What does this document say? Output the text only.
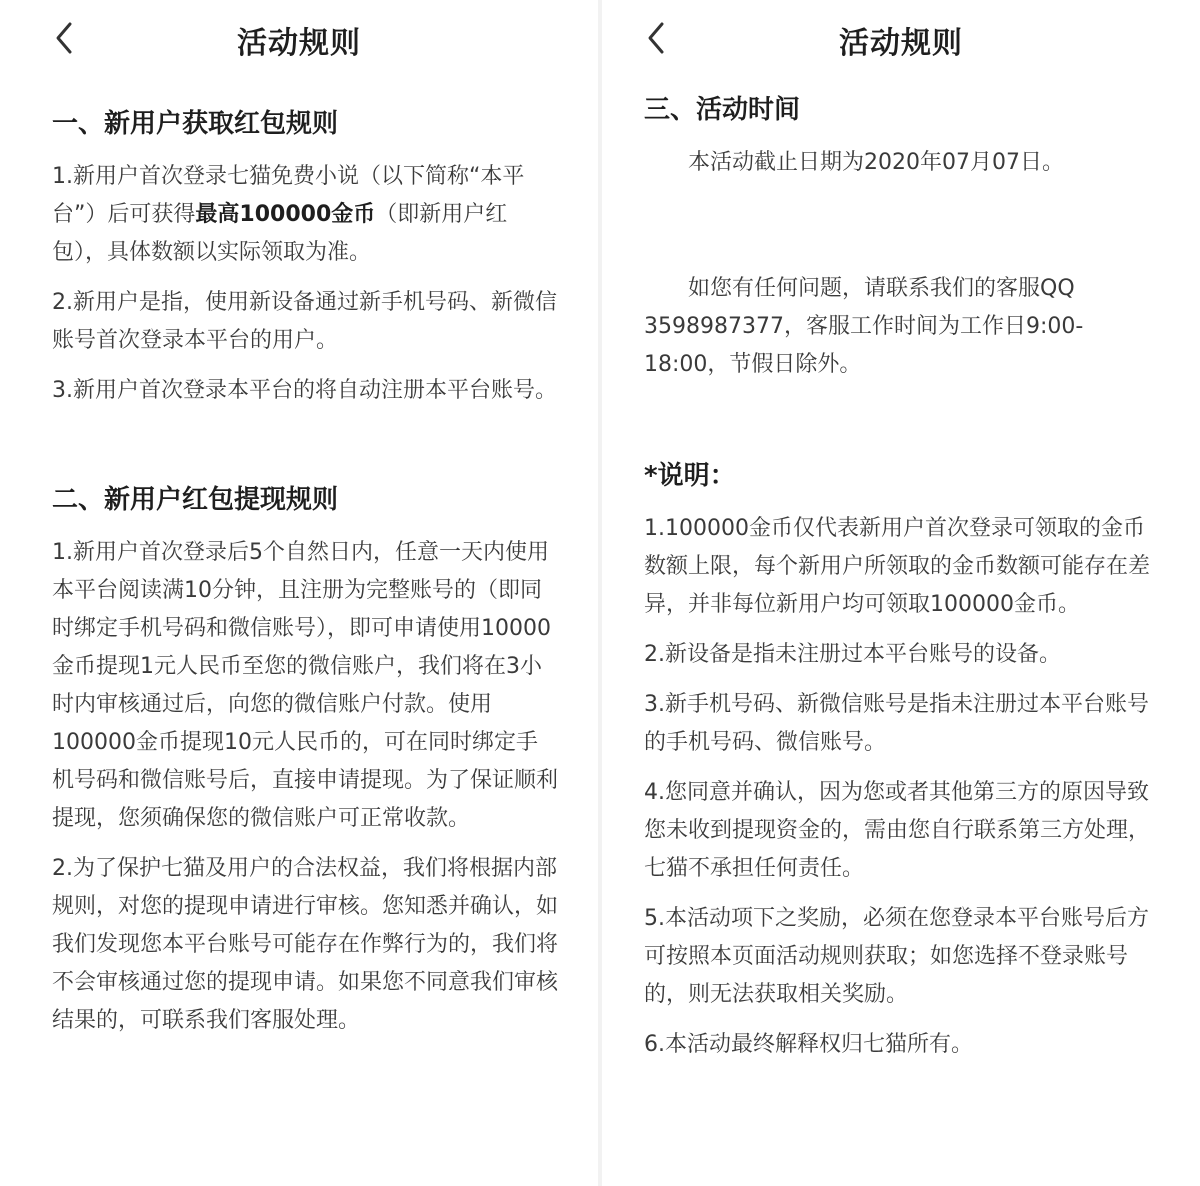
活动规则

一、新用户获取红包规则

1.新用户首次登录七猫免费小说（以下简称“本平台”）后可获得最高100000金币（即新用户红包），具体数额以实际领取为准。

2.新用户是指，使用新设备通过新手机号码、新微信账号首次登录本平台的用户。

3.新用户首次登录本平台的将自动注册本平台账号。

二、新用户红包提现规则

1.新用户首次登录后5个自然日内，任意一天内使用本平台阅读满10分钟，且注册为完整账号的（即同时绑定手机号码和微信账号），即可申请使用10000金币提现1元人民币至您的微信账户，我们将在3小时内审核通过后，向您的微信账户付款。使用100000金币提现10元人民币的，可在同时绑定手机号码和微信账号后，直接申请提现。为了保证顺利提现，您须确保您的微信账户可正常收款。

2.为了保护七猫及用户的合法权益，我们将根据内部规则，对您的提现申请进行审核。您知悉并确认，如我们发现您本平台账号可能存在作弊行为的，我们将不会审核通过您的提现申请。如果您不同意我们审核结果的，可联系我们客服处理。

活动规则

三、活动时间

本活动截止日期为2020年07月07日。

如您有任何问题，请联系我们的客服QQ 3598987377，客服工作时间为工作日9:00-18:00，节假日除外。

*说明：

1.100000金币仅代表新用户首次登录可领取的金币数额上限，每个新用户所领取的金币数额可能存在差异，并非每位新用户均可领取100000金币。

2.新设备是指未注册过本平台账号的设备。

3.新手机号码、新微信账号是指未注册过本平台账号的手机号码、微信账号。

4.您同意并确认，因为您或者其他第三方的原因导致您未收到提现资金的，需由您自行联系第三方处理，七猫不承担任何责任。

5.本活动项下之奖励，必须在您登录本平台账号后方可按照本页面活动规则获取；如您选择不登录账号的，则无法获取相关奖励。

6.本活动最终解释权归七猫所有。
